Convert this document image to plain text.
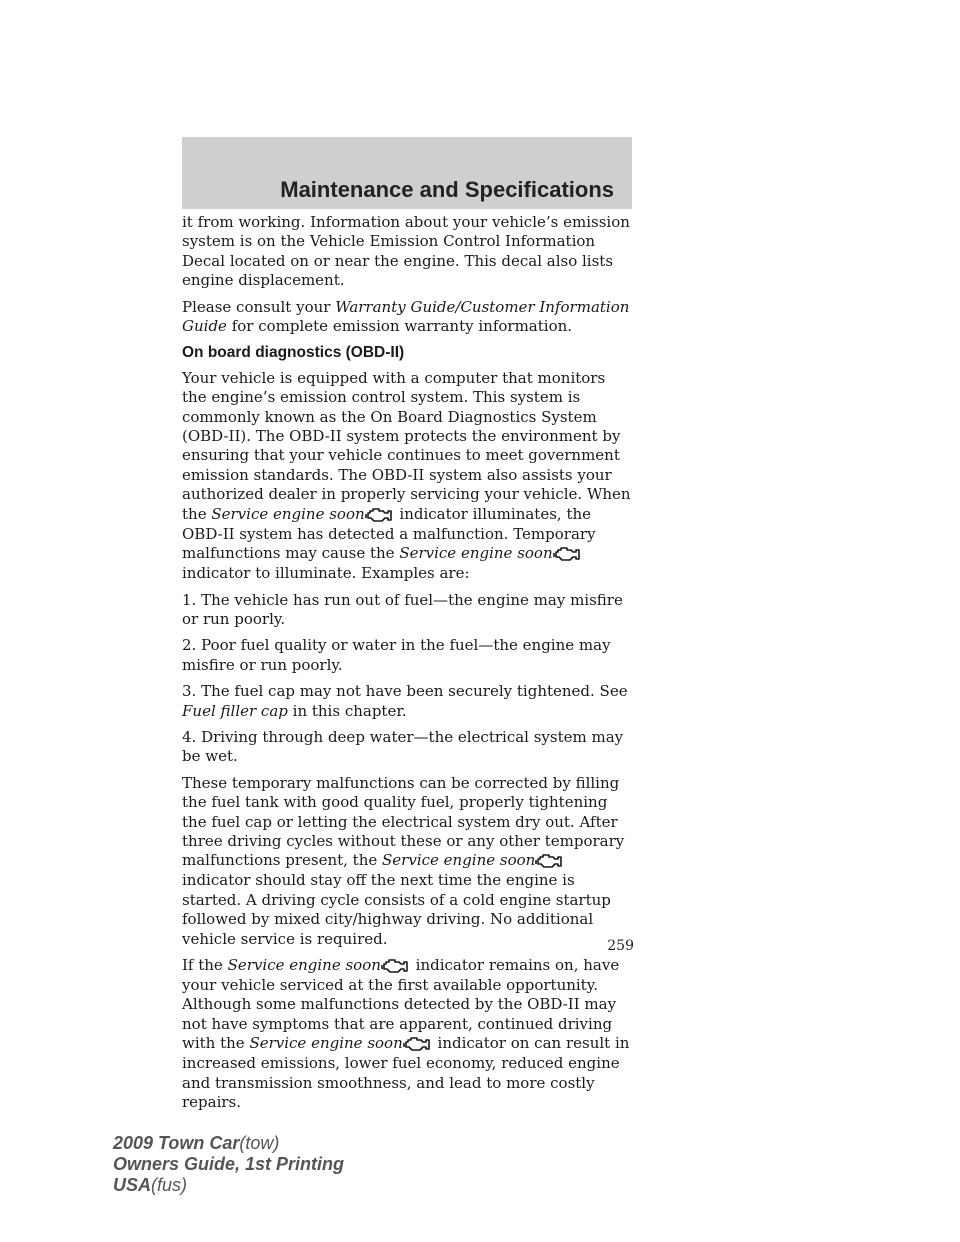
Maintenance and Specifications

it from working. Information about your vehicle’s emission system is on the Vehicle Emission Control Information Decal located on or near the engine. This decal also lists engine displacement.

Please consult your Warranty Guide/Customer Information Guide for complete emission warranty information.

On board diagnostics (OBD-II)

Your vehicle is equipped with a computer that monitors the engine’s emission control system. This system is commonly known as the On Board Diagnostics System (OBD-II). The OBD-II system protects the environment by ensuring that your vehicle continues to meet government emission standards. The OBD-II system also assists your authorized dealer in properly servicing your vehicle. When the Service engine soon
indicator illuminates, the OBD-II system has detected a malfunction. Temporary malfunctions may cause the Service engine soon
indicator to illuminate. Examples are:

1. The vehicle has run out of fuel—the engine may misfire or run poorly.

2. Poor fuel quality or water in the fuel—the engine may misfire or run poorly.

3. The fuel cap may not have been securely tightened. See Fuel filler cap in this chapter.

4. Driving through deep water—the electrical system may be wet.

These temporary malfunctions can be corrected by filling the fuel tank with good quality fuel, properly tightening the fuel cap or letting the electrical system dry out. After three driving cycles without these or any other temporary malfunctions present, the Service engine soon
indicator should stay off the next time the engine is started. A driving cycle consists of a cold engine startup followed by mixed city/highway driving. No additional vehicle service is required.

If the Service engine soon
indicator remains on, have your vehicle serviced at the first available opportunity. Although some malfunctions detected by the OBD-II may not have symptoms that are apparent, continued driving with the Service engine soon
indicator on can result in increased emissions, lower fuel economy, reduced engine and transmission smoothness, and lead to more costly repairs.

259
2009 Town Car(tow)
Owners Guide, 1st Printing
USA(fus)
